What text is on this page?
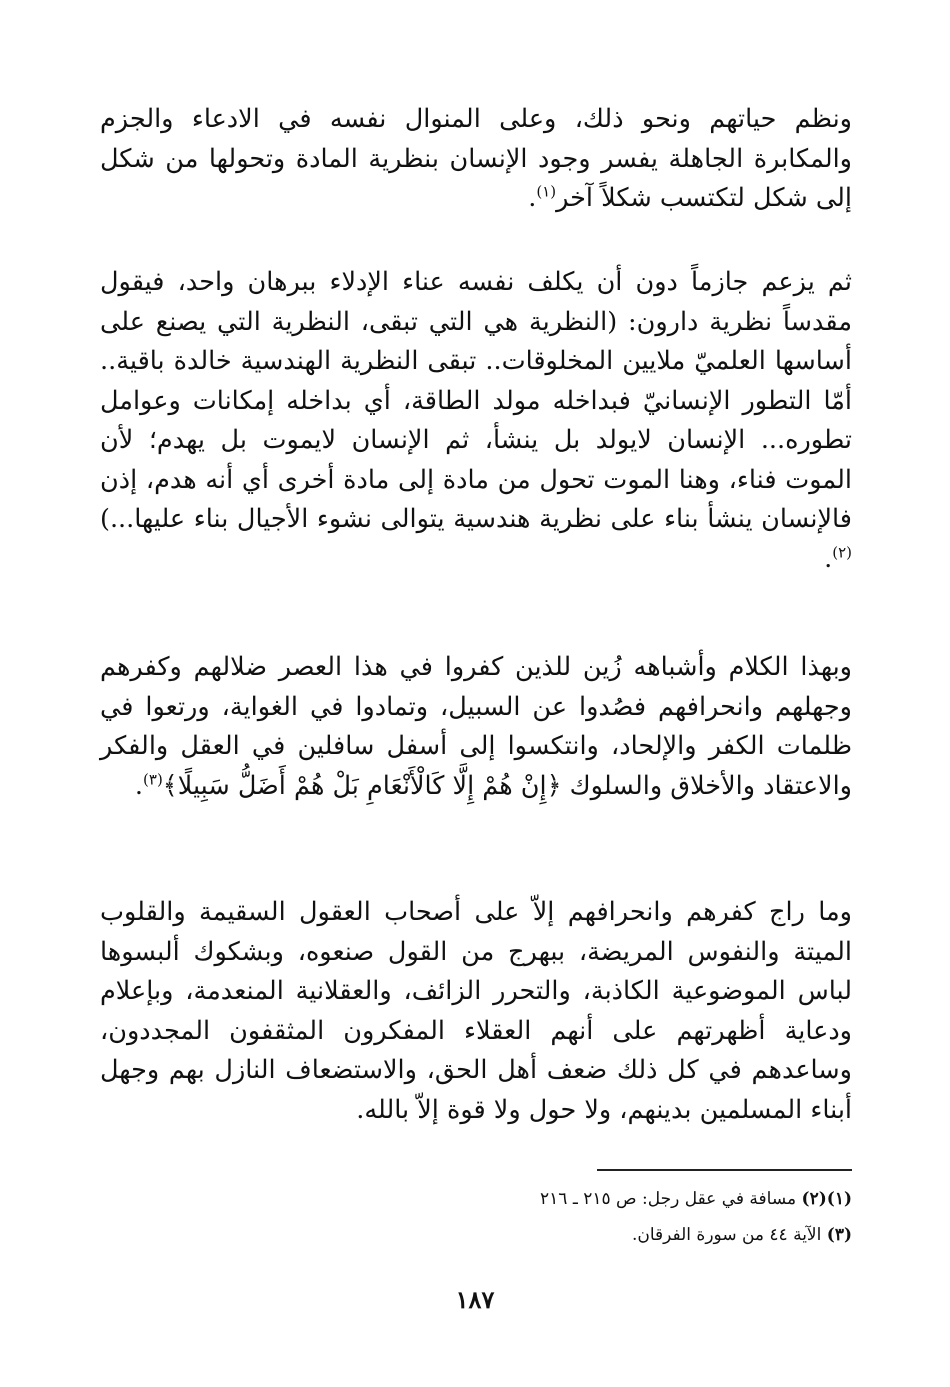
ونظم حياتهم ونحو ذلك، وعلى المنوال نفسه في الادعاء والجزم والمكابرة الجاهلة يفسر وجود الإنسان بنظرية المادة وتحولها من شكل إلى شكل لتكتسب شكلاً آخر$^{(١)}$.

ثم يزعم جازماً دون أن يكلف نفسه عناء الإدلاء ببرهان واحد، فيقول مقدساً نظرية دارون: (النظرية هي التي تبقى، النظرية التي يصنع على أساسها العلميّ ملايين المخلوقات.. تبقى النظرية الهندسية خالدة باقية.. أمّا التطور الإنسانيّ فبداخله مولد الطاقة، أي بداخله إمكانات وعوامل تطوره... الإنسان لايولد بل ينشأ، ثم الإنسان لايموت بل يهدم؛ لأن الموت فناء، وهنا الموت تحول من مادة إلى مادة أخرى أي أنه هدم، إذن فالإنسان ينشأ بناء على نظرية هندسية يتوالى نشوء الأجيال بناء عليها...)$^{(٢)}$.

وبهذا الكلام وأشباهه زُين للذين كفروا في هذا العصر ضلالهم وكفرهم وجهلهم وانحرافهم فصُدوا عن السبيل، وتمادوا في الغواية، ورتعوا في ظلمات الكفر والإلحاد، وانتكسوا إلى أسفل سافلين في العقل والفكر والاعتقاد والأخلاق والسلوك ﴿إِنْ هُمْ إِلَّا كَالْأَنْعَامِ بَلْ هُمْ أَضَلُّ سَبِيلًا﴾$^{(٣)}$.

وما راج كفرهم وانحرافهم إلاّ على أصحاب العقول السقيمة والقلوب الميتة والنفوس المريضة، ببهرج من القول صنعوه، وبشكوك ألبسوها لباس الموضوعية الكاذبة، والتحرر الزائف، والعقلانية المنعدمة، وبإعلام ودعاية أظهرتهم على أنهم العقلاء المفكرون المثقفون المجددون، وساعدهم في كل ذلك ضعف أهل الحق، والاستضعاف النازل بهم وجهل أبناء المسلمين بدينهم، ولا حول ولا قوة إلاّ بالله.

(١)(٢) مسافة في عقل رجل: ص ٢١٥ ـ ٢١٦
(٣) الآية ٤٤ من سورة الفرقان.
١٨٧
